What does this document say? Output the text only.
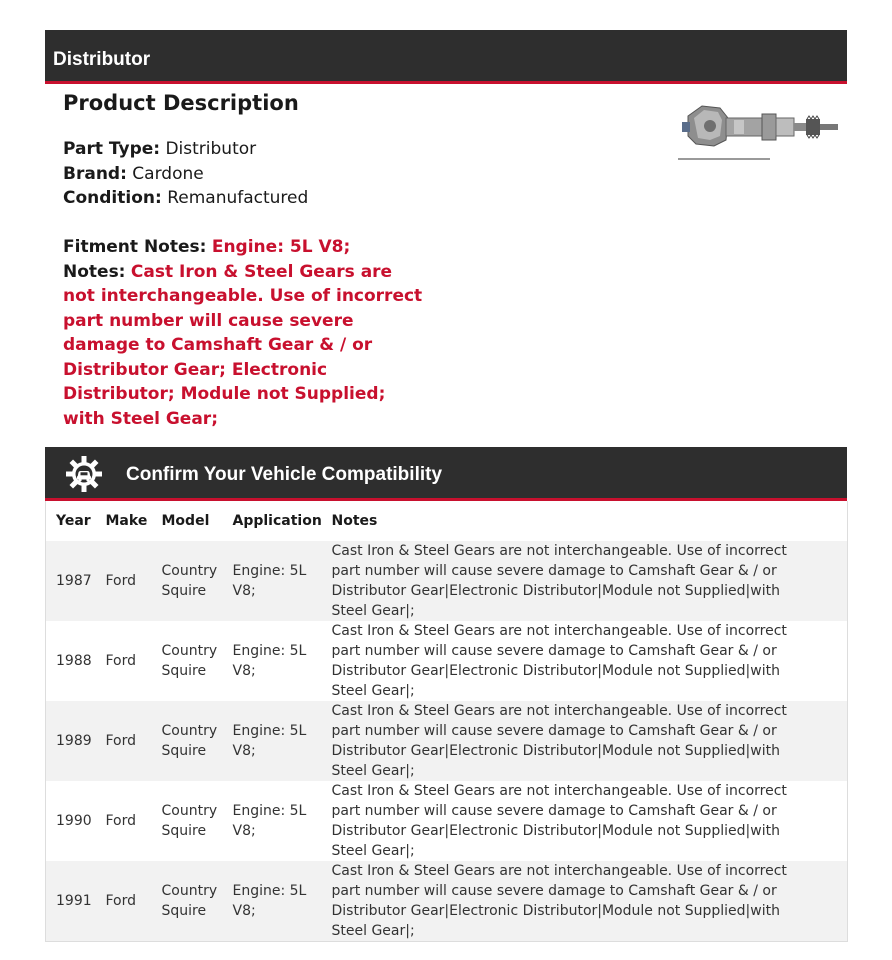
Distributor
Product Description

Part Type: Distributor

Brand: Cardone

Condition: Remanufactured

Fitment Notes: Engine: 5L V8;

Notes: Cast Iron & Steel Gears are not interchangeable. Use of incorrect part number will cause severe damage to Camshaft Gear & / or Distributor Gear; Electronic Distributor; Module not Supplied; with Steel Gear;

Confirm Your Vehicle Compatibility
Year	Make	Model	Application	Notes
1987	Ford	Country Squire	Engine: 5L V8;	Cast Iron & Steel Gears are not interchangeable. Use of incorrect part number will cause severe damage to Camshaft Gear & / or Distributor Gear|Electronic Distributor|Module not Supplied|with Steel Gear|;
1988	Ford	Country Squire	Engine: 5L V8;	Cast Iron & Steel Gears are not interchangeable. Use of incorrect part number will cause severe damage to Camshaft Gear & / or Distributor Gear|Electronic Distributor|Module not Supplied|with Steel Gear|;
1989	Ford	Country Squire	Engine: 5L V8;	Cast Iron & Steel Gears are not interchangeable. Use of incorrect part number will cause severe damage to Camshaft Gear & / or Distributor Gear|Electronic Distributor|Module not Supplied|with Steel Gear|;
1990	Ford	Country Squire	Engine: 5L V8;	Cast Iron & Steel Gears are not interchangeable. Use of incorrect part number will cause severe damage to Camshaft Gear & / or Distributor Gear|Electronic Distributor|Module not Supplied|with Steel Gear|;
1991	Ford	Country Squire	Engine: 5L V8;	Cast Iron & Steel Gears are not interchangeable. Use of incorrect part number will cause severe damage to Camshaft Gear & / or Distributor Gear|Electronic Distributor|Module not Supplied|with Steel Gear|;
